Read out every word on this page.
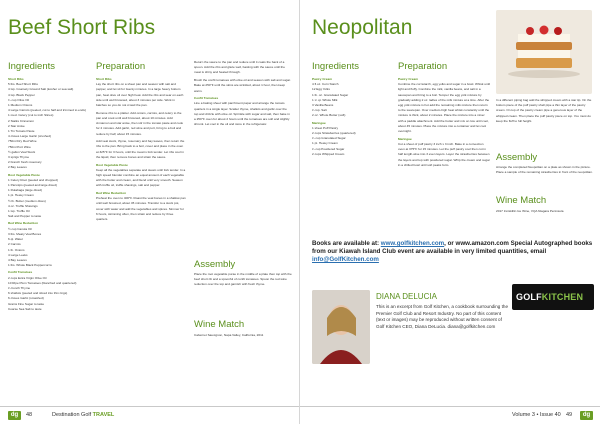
Beef Short Ribs
Ingredients	Preparation
Short Ribs
5 lbs. Beef Short Ribs
4 tsp. Coarsely Ground Salt (kosher or sea salt)
4 tsp. Black Pepper
¾ cup Olive Oil
1 Medium Onions
4 Large Carrots (peeled, cut to half and trimmed to ends)
1 med. Celery (cut to inch Slices)
2 Stalks Cinnamon
2 Star Anise
1 Tin Tomato Paste
4 cloves Large Garlic (crushed)
750ml Dry Red Wine
750ml Port Wine
½ gallon Veal Stock
3 sprigs Thyme
2 branch fresh rosemary
2 Bay Leaves
Root Vegetable Purée
1 Celery Root (peeled and chopped)
1 Parsnips (peeled and large diced)
1 Rutabaga (large diced)
1 pt. Heavy Cream
½ lb. Butter (medium dices)
4 oz. Truffle Shavings
1 tsp. Truffle Oil
Salt and Pepper to taste
Red Wine Reduction
½ cup Canola Oil
3 lbs. Meaty Veal Bones
6 qt. Water
2 Carrots
1 lb. Onions
4 Large Leeks
4 Bay Leaves
1 lbs. Whole Black Peppercorns
Confit Tomatoes
2 cups Extra Virgin Olive Oil
10 Ripe Plum Tomatoes (blanched and quartered)
¼ bunch Thyme
6 shallots (peeled and sliced into thin rings)
6 cloves Garlic (smashed)
Grains Fine Sugar to taste
Coarse Sea Salt to taste
Short Ribs

Lay the short ribs on a sheet pan and season with salt and pepper, and let sit for twenty minutes. In a large heavy bottom pan, heat olive oil over high heat. Add the ribs and sear on each side until well browned, about 3 minutes per side. Work in batches so you do not crowd the pan.

Remove ribs to a platter. Add onions, carrots, and celery to the pan and cook until well browned, about 10 minutes. Add cinnamon and star anise, then stir in the tomato paste and cook for 2 minutes. Add garlic, red wine and port, bring to a boil and reduce by half, about 15 minutes.

Add veal stock, thyme, rosemary and bay leaves, then return the ribs to the pan. Bring back to a boil, cover and place in the oven at 325°F for 3 hours, until the meat is fork tender. Let ribs cool in the liquid, then remove bones and strain the sauce.

Root Vegetable Purée

Keep all the vegetables separate and steam until fork tender. In a high speed blender combine an equal amount of each vegetable with the butter and cream, and blend until very smooth. Season with truffle oil, truffle shavings, salt and pepper.

Red Wine Reduction

Preheat the oven to 400°F. Roast the veal bones in a shallow pan until well browned, about 45 minutes. Transfer to a stock pot, cover with water and add the vegetables and spices. Simmer for 6 hours, skimming often, then strain and reduce by three quarters.

Return the sauce to the pan and reduce until it coats the back of a spoon. Add the ribs and glaze well, basting with the sauce until the meat is shiny and heated through.

Brush the confit tomatoes with olive oil and season with salt and sugar. Bake at 250°F until the skins are wrinkled, about 1 hour, then keep warm.

Confit Tomatoes

Line a baking sheet with parchment paper and arrange the tomato quarters in a single layer. Scatter thyme, shallots and garlic over the top and drizzle with olive oil. Sprinkle with sugar and salt, then bake in a 250°F oven for about 2 hours until the tomatoes are soft and slightly shrunk. Let cool in the oil and store in the refrigerator.

Assembly

Place the root vegetable purée in the middle of a plate then top with the beef short rib and a spoonful of confit tomatoes. Spoon the red wine reduction over the top and garnish with fresh thyme.

Wine Match
Cabernet Sauvignon, Napa Valley, California, 2011
dg	48	Destination Golf TRAVEL
Neopolitan
Ingredients	Preparation
Pastry Cream
4 fl.oz. Corn Starch
12 Egg Yolks
1 lb. oz. Granulated Sugar
1 ¼ qt. Whole Milk
3 Vanilla Beans
¼ tsp. Salt
2 oz. Whole Butter (soft)
Meringue
1 sheet Puff Pastry
2 cups Strawberries (quartered)
¼ cup Granulated Sugar
1 pt. Heavy Cream
¼ cup Powdered Sugar
2 cups Whipped Cream
Pastry Cream

Combine the cornstarch, egg yolks and sugar in a bowl. Whisk until light and fluffy. Combine the milk, vanilla beans, and salt in a saucepan and bring to a boil. Temper the egg yolk mixture by gradually adding 2 oz. ladles of the milk mixture at a time. After the egg yolk mixture is hot add the remaining milk mixture then return to the saucepan. Over medium-high heat whisk constantly until the mixture is thick, about 2 minutes. Place the mixture into a mixer with a paddle attachment. Add the butter and mix on low until cool, about 45 minutes. Place the mixture into a container and let cool overnight.

Meringue

Cut a sheet of puff pastry 3 inch x 3 inch. Bake in a convection oven at 375°F for 15 minutes. Let the puff pastry cool then cut in half length-wise into 3 even layers. Layer the strawberries between the layers and top with powdered sugar. Whip the cream and sugar in a chilled bowl until soft peaks form.

In a different piping bag add the whipped cream with a star tip. On the bottom piece of the puff pastry shell pipe a thin layer of the pastry cream. On top of the pastry cream pipe a generous layer of the whipped cream. Then place the puff pastry piece on top. You must do keep the fluff to full height.

Assembly

Arrange the completed Neopolitan on a plate as shown in the picture. Place a sample of the remaining strawberries in front of the neopolitan.

Wine Match
2017 Inniskillin Ice Wine, VQA Niagara Peninsula
Books are available at: www.golfkitchen.com, or www.amazon.com Special Autographed books from our Kiawah Island Club event are available in very limited quantities, email info@GolfKitchen.com
DIANA DELUCIA

This is an excerpt from Golf Kitchen, a cookbook surrounding the Premier Golf Club and Resort Industry. No part of this content (text or images) may be reproduced without written consent of Golf Kitchen CEO, Diana DeLucia. diana@golfkitchen.com

GOLFKITCHEN
Volume 3 • Issue 40 49	dg
